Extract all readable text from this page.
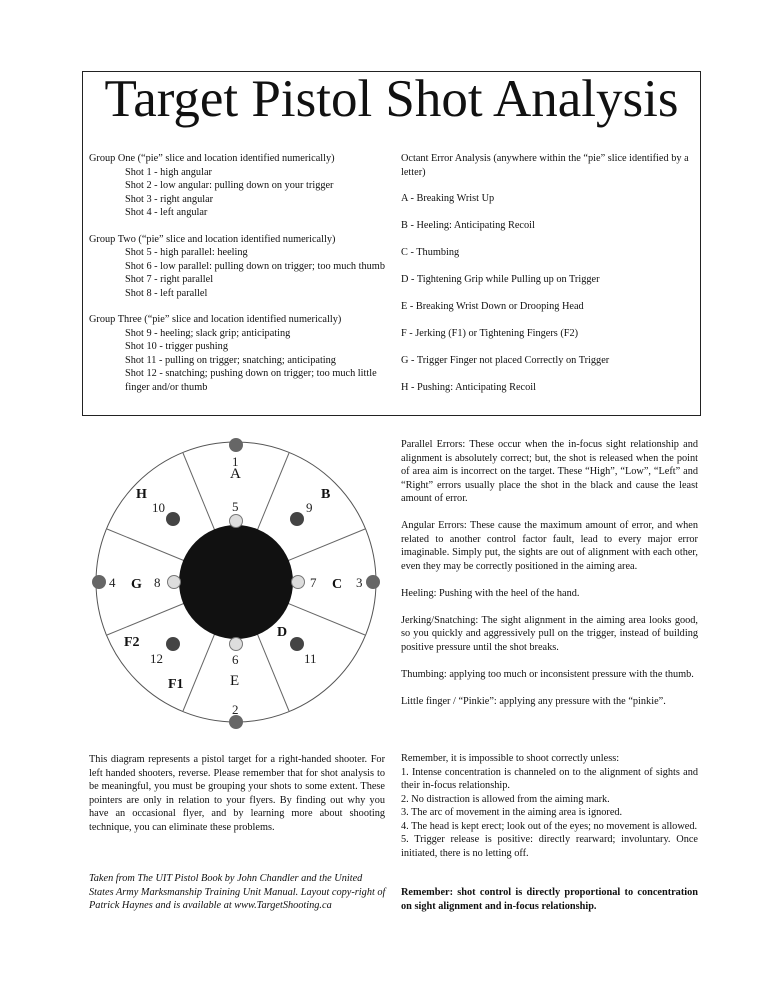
Target Pistol Shot Analysis
Group One (“pie” slice and location identified numerically)
Shot 1 - high angular
Shot 2 - low angular: pulling down on your trigger
Shot 3 - right angular
Shot 4 - left angular
Group Two (“pie” slice and location identified numerically)
Shot 5 - high parallel: heeling
Shot 6 - low parallel: pulling down on trigger; too much thumb
Shot 7 - right parallel
Shot 8 - left parallel
Group Three (“pie” slice and location identified numerically)
Shot 9 - heeling; slack grip; anticipating
Shot 10 - trigger pushing
Shot 11 - pulling on trigger; snatching; anticipating
Shot 12 - snatching; pushing down on trigger; too much little finger and/or thumb
Octant Error Analysis (anywhere within the “pie” slice identified by a letter)
A - Breaking Wrist Up
B - Heeling: Anticipating Recoil
C - Thumbing
D - Tightening Grip while Pulling up on Trigger
E - Breaking Wrist Down or Drooping Head
F - Jerking (F1) or Tightening Fingers (F2)
G - Trigger Finger not placed Correctly on Trigger
H - Pushing: Anticipating Recoil
1
2
3
4
5
6
7
8
9
10
11
12
A
B
C
D
E
F1
F2
G
H
This diagram represents a pistol target for a right-handed shooter. For left handed shooters, reverse. Please remember that for shot analysis to be meaningful, you must be grouping your shots to some extent. These pointers are only in relation to your flyers. By finding out why you have an occasional flyer, and by learning more about shooting technique, you can eliminate these problems.
Taken from The UIT Pistol Book by John Chandler and the United States Army Marksmanship Training Unit Manual. Layout copy-right of Patrick Haynes and is available at www.TargetShooting.ca

Parallel Errors: These occur when the in-focus sight relationship and alignment is absolutely correct; but, the shot is released when the point of area aim is incorrect on the target. These “High”, “Low”, “Left” and “Right” errors usually place the shot in the black and cause the least amount of error.

Angular Errors: These cause the maximum amount of error, and when related to another control factor fault, lead to every major error imaginable. Simply put, the sights are out of alignment with each other, even they may be correctly positioned in the aiming area.

Heeling: Pushing with the heel of the hand.

Jerking/Snatching: The sight alignment in the aiming area looks good, so you quickly and aggressively pull on the trigger, instead of building positive pressure until the shot breaks.

Thumbing: applying too much or inconsistent pressure with the thumb.

Little finger / “Pinkie”: applying any pressure with the “pinkie”.

Remember, it is impossible to shoot correctly unless:
1. Intense concentration is channeled on to the alignment of sights and their in-focus relationship.
2. No distraction is allowed from the aiming mark.
3. The arc of movement in the aiming area is ignored.
4. The head is kept erect; look out of the eyes; no movement is allowed.
5. Trigger release is positive: directly rearward; involuntary. Once initiated, there is no letting off.
Remember: shot control is directly proportional to concentration on sight alignment and in-focus relationship.
